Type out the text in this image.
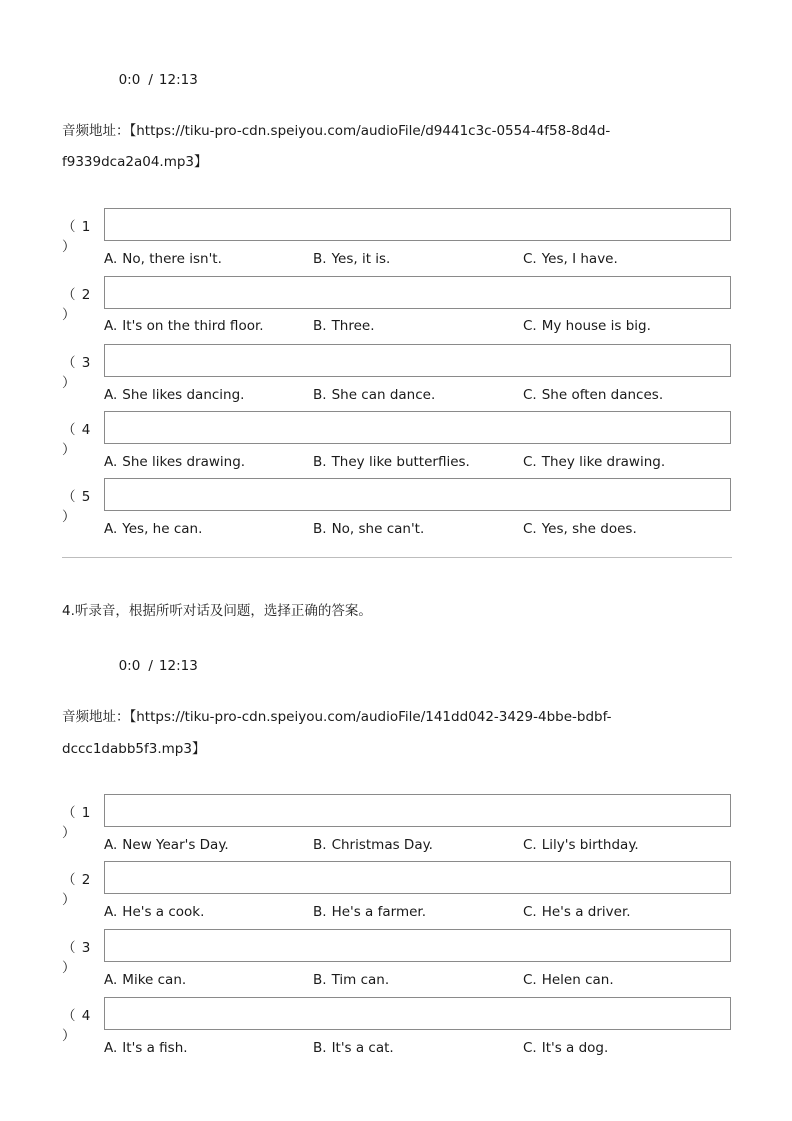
0:0 / 12:13

音频地址：【https://tiku-pro-cdn.speiyou.com/audioFile/d9441c3c-0554-4f58-8d4d-
f9339dca2a04.mp3】
（ 1 ）
A. No, there isn't.	B. Yes, it is.	C. Yes, I have.
（ 2 ）
A. It's on the third floor.	B. Three.	C. My house is big.
（ 3 ）
A. She likes dancing.	B. She can dance.	C. She often dances.
（ 4 ）
A. She likes drawing.	B. They like butterflies.	C. They like drawing.
（ 5 ）
A. Yes, he can.	B. No, she can't.	C. Yes, she does.
4.听录音，根据所听对话及问题，选择正确的答案。

0:0 / 12:13

音频地址：【https://tiku-pro-cdn.speiyou.com/audioFile/141dd042-3429-4bbe-bdbf-
dccc1dabb5f3.mp3】
（ 1 ）
A. New Year's Day.	B. Christmas Day.	C. Lily's birthday.
（ 2 ）
A. He's a cook.	B. He's a farmer.	C. He's a driver.
（ 3 ）
A. Mike can.	B. Tim can.	C. Helen can.
（ 4 ）
A. It's a fish.	B. It's a cat.	C. It's a dog.
